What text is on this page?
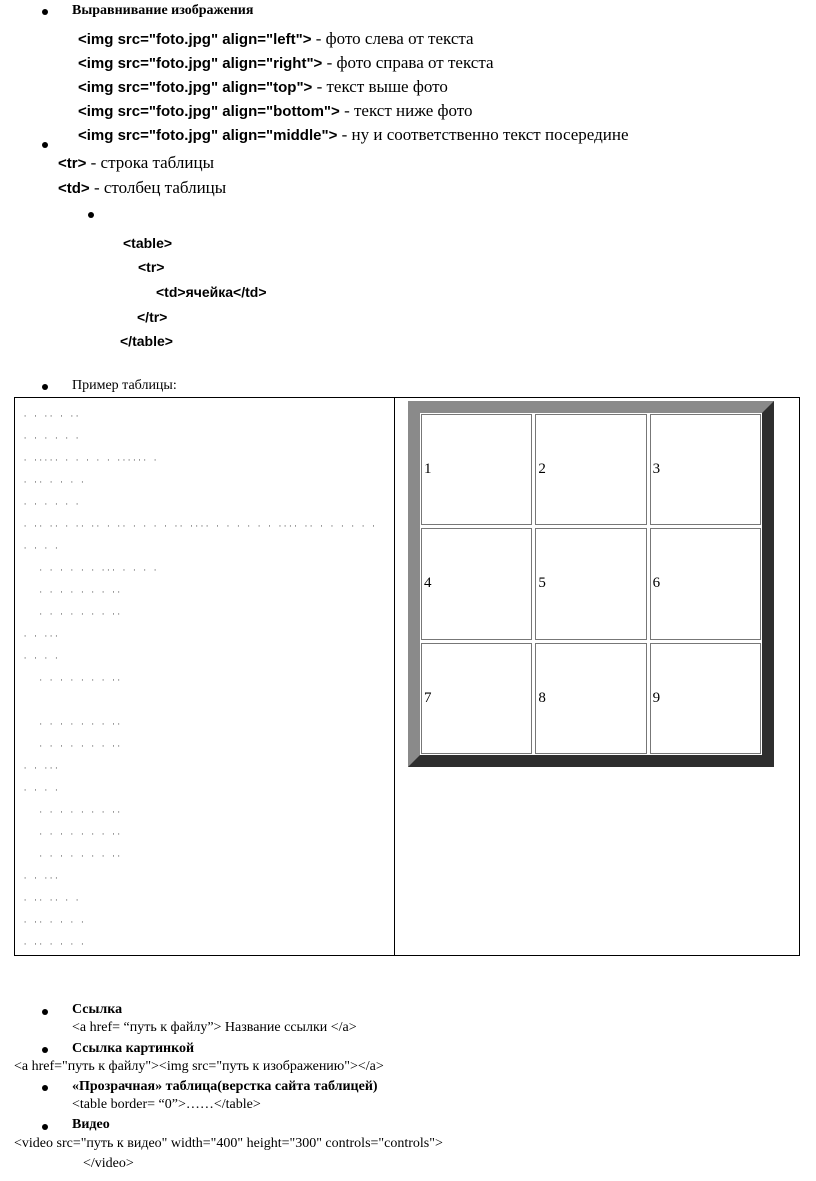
Выравнивание изображения
<img src="foto.jpg" align="left"> - фото слева от текста
<img src="foto.jpg" align="right"> - фото справа от текста
<img src="foto.jpg" align="top"> - текст выше фото
<img src="foto.jpg" align="bottom"> - текст ниже фото
<img src="foto.jpg" align="middle"> - ну и соответственно текст посередине
<tr> - строка таблицы
<td> - столбец таблицы
<table>
<tr>
<td>ячейка</td>
</tr>
</table>
Пример таблицы:
· · ·· · ··
· · · · · ·
· ····· · · · · · ······ ·
· ·· · · · ·
· · · · · ·
· ·· ·· · ·· ·· · ·· · · · · ·· ···· · · · · · · ···· ·· · · · · · ·
· · · ·
· · · · · · ··· · · · ·
· · · · · · · ··
· · · · · · · ··
· · ···
· · · ·
· · · · · · · ··

· · · · · · · ··
· · · · · · · ··
· · ···
· · · ·
· · · · · · · ··
· · · · · · · ··
· · · · · · · ··
· · ···
· ·· ·· · ·
· ·· · · · ·
· ·· · · · ·
1	2	3
4	5	6
7	8	9
Ссылка
<a href= “путь к файлу”> Название ссылки </a>
Ссылка картинкой
<a href="путь к файлу"><img src="путь к изображению"></a>
«Прозрачная» таблица(верстка сайта таблицей)
<table border= “0”>……</table>
Видео
<video src="путь к видео" width="400" height="300" controls="controls">
</video>
